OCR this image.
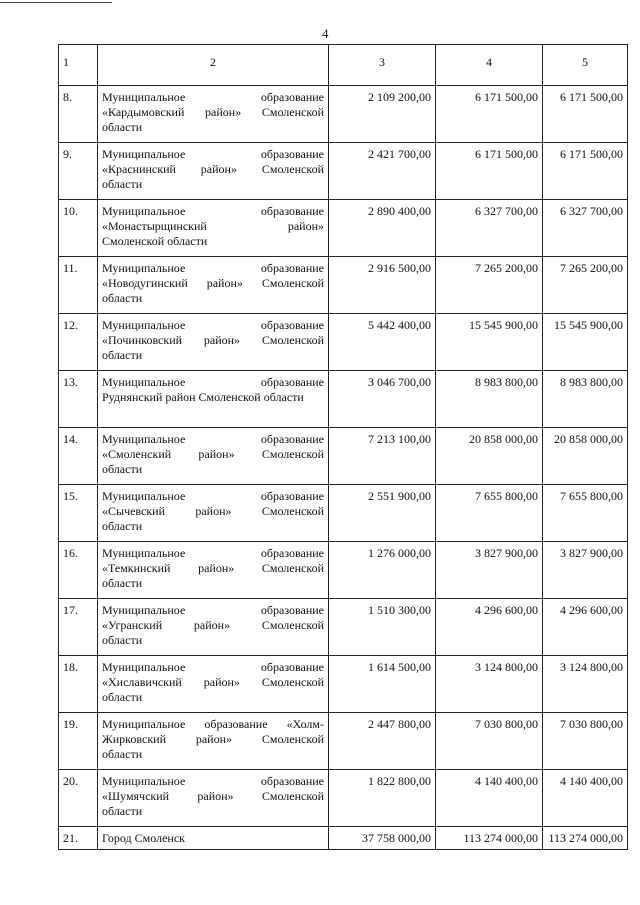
4
1	2	3	4	5
8.	Муниципальное образование
«Кардымовский район» Смоленской
области	2 109 200,00	6 171 500,00	6 171 500,00
9.	Муниципальное образование
«Краснинский район» Смоленской
области	2 421 700,00	6 171 500,00	6 171 500,00
10.	Муниципальное образование
«Монастырщинский район»
Смоленской области	2 890 400,00	6 327 700,00	6 327 700,00
11.	Муниципальное образование
«Новодугинский район» Смоленской
области	2 916 500,00	7 265 200,00	7 265 200,00
12.	Муниципальное образование
«Починковский район» Смоленской
области	5 442 400,00	15 545 900,00	15 545 900,00
13.	Муниципальное образование
Руднянский район Смоленской области	3 046 700,00	8 983 800,00	8 983 800,00
14.	Муниципальное образование
«Смоленский район» Смоленской
области	7 213 100,00	20 858 000,00	20 858 000,00
15.	Муниципальное образование
«Сычевский район» Смоленской
области	2 551 900,00	7 655 800,00	7 655 800,00
16.	Муниципальное образование
«Темкинский район» Смоленской
области	1 276 000,00	3 827 900,00	3 827 900,00
17.	Муниципальное образование
«Угранский район» Смоленской
области	1 510 300,00	4 296 600,00	4 296 600,00
18.	Муниципальное образование
«Хиславичский район» Смоленской
области	1 614 500,00	3 124 800,00	3 124 800,00
19.	Муниципальное образование «Холм-
Жирковский район» Смоленской
области	2 447 800,00	7 030 800,00	7 030 800,00
20.	Муниципальное образование
«Шумячский район» Смоленской
области	1 822 800,00	4 140 400,00	4 140 400,00
21.	Город Смоленск	37 758 000,00	113 274 000,00	113 274 000,00
